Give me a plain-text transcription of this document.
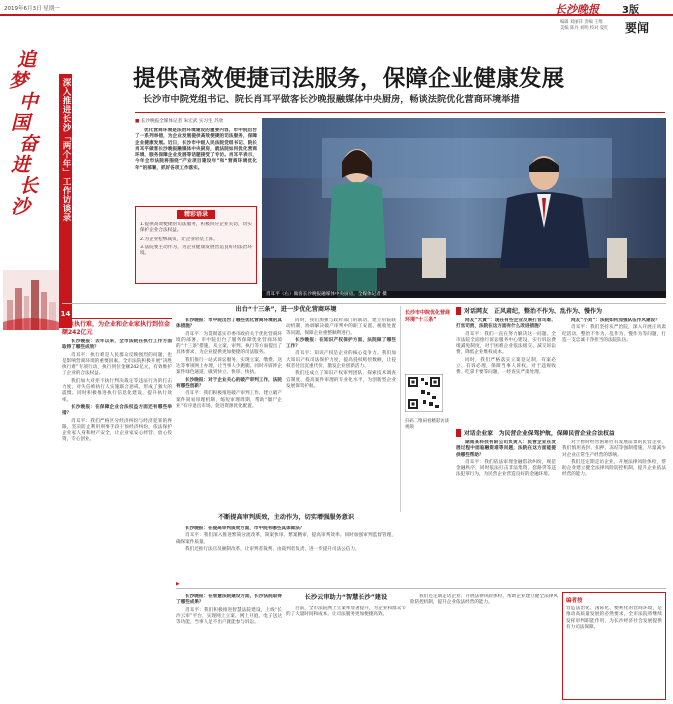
2019年6月3日 星期一	长沙晚报 3版
编辑 刘丽萍 责编 王维
美编 陈丹 刘明 校对 夏红	要闻
追
梦
中
国
奋
进
长
沙	深入推进长沙「两个年」工作访谈录
14
提供高效便捷司法服务，保障企业健康发展
长沙市中院党组书记、院长肖耳平做客长沙晚报融媒体中央厨房，畅谈法院优化营商环境举措
■ 长沙晚报全媒体记者 朱宏武 实习生 苏欣

优化营商环境是法治环境建设的重要内容，市中院出台了一系列举措，为企业发展提供高效便捷的司法服务，保障企业健康发展。近日，长沙市中级人民法院党组书记、院长肖耳平做客长沙晚报融媒体中央厨房，就法院如何优化营商环境、服务保障企业发展等话题接受了专访。肖耳平表示，今年全市法院将围绕“产业项目建设年”和“营商环境优化年”的部署，抓好各项工作落实。

精彩语录
1.提供高效便捷的司法服务，积极回应企业关切，切实保护企业合法权益。
2.为企业松绑减负，让企业轻装上阵。
3.法院要主动作为，为企业健康发展营造良好的法治环境。
肖耳平（右）做客长沙晚报融媒体中央厨房。全媒体记者 摄
决胜执行难，为企业和企业家执行到位金额242亿元

长沙晚报：去年以来，全市法院在执行工作方面取得了哪些成效？

肖耳平：执行难是人民群众反映强烈的问题，也是影响营商环境的重要因素。全市法院积极开展“决胜执行难”专项行动，执行到位金额242亿元，有效维护了企业的合法权益。

我们加大对拒不执行判决裁定等违法行为的打击力度，对失信被执行人实施联合惩戒，形成了强大的震慑。同时积极推进执行信息化建设，提升执行效率。

长沙晚报：在保障企业合法权益方面还有哪些举措？

肖耳平：我们严格区分经济纠纷与经济犯罪的界限，坚决防止利用刑事手段干预经济纠纷，依法保护企业家人身和财产安全，让企业家安心经营、放心投资、专心创业。

出台“十三条”，进一步优化营商环境

长沙晚报：市中院出台了哪些优化营商环境的具体措施？

肖耳平：为贯彻落实市委市政府关于优化营商环境的部署，市中院出台了服务保障优化营商环境的“十三条”措施，从立案、审判、执行等方面提出了具体要求，为企业提供更加便捷的司法服务。

我们推行一站式诉讼服务，实现立案、缴费、送达等事项网上办理，让当事人少跑腿。同时开辟涉企案件绿色通道，做到快立、快审、快执。

长沙晚报：对于企业关心的破产审判工作，法院有哪些创新？

肖耳平：我们积极推进破产审判工作，建立破产案件简易审理机制，缩短审理周期，帮助“僵尸企业”有序退出市场，促进资源优化配置。

同时，我们加强与政府部门的联动，建立府院联动机制，协调解决破产审判中的职工安置、税收处置等问题，保障企业重整顺利进行。

长沙晚报：在知识产权保护方面，法院做了哪些工作？

肖耳平：知识产权是企业的核心竞争力。我们加大知识产权司法保护力度，提高侵权赔偿数额，让侵权者付出沉重代价，激发企业创新活力。

我们还成立了知识产权审判团队，探索技术调查官制度，提高案件审理的专业化水平，为创新型企业发展保驾护航。

长沙市中院优化营商环境“十三条”
扫码二维码看精彩访谈视频
对话网友　正风肃纪，整治不作为、乱作为、慢作为

网友“大黄”：现在有些企业反映打官司难、打官司贵，法院在这方面有什么改进措施？

肖耳平：我们一直在努力解决这一问题。全市法院全面推行诉讼服务中心建设，实行诉讼费缓减免制度，对于困难企业依法缓交、减交诉讼费，降低企业维权成本。

同时，我们严格落实立案登记制，有案必立、有诉必理，保障当事人诉权。对于违规收费、吃拿卡要等问题，一经查实严肃处理。

网友“小刘”：法院如何加强队伍作风建设？

肖耳平：我们坚持从严治院，深入开展正风肃纪活动，整治不作为、乱作为、慢作为等问题，打造一支忠诚干净担当的法院队伍。

对话企业家　为民营企业保驾护航，保障民营企业合法权益

湖南某科技有限公司负责人：民营企业在发展过程中面临融资难等问题，法院在这方面能提供哪些帮助？

肖耳平：我们依法审理金融借款纠纷，规范金融秩序，同时依法打击非法集资、套路贷等违法犯罪行为，为民营企业营造良好的金融环境。

对于暂时经营困难但有发展前景的民营企业，我们慎用查封、扣押、冻结等强制措施，尽量减少对企业正常生产经营的影响。

我们还定期走访企业，开展法律风险体检，帮助企业建立健全法律风险防控机制，提升企业依法经营的能力。

不断提高审判质效，主动作为，切实增强服务意识

长沙晚报：在提高审判质效方面，市中院有哪些具体做法？

肖耳平：我们深入推进繁简分流改革，简案快审、繁案精审，提高审判效率。同时加强审判监督管理，确保案件质量。

我们还推行法官员额制改革，让审判者裁判、由裁判者负责，进一步提升司法公信力。

▶
长沙云审助力“智慧长沙”建设

长沙晚报：在智慧法院建设方面，长沙法院取得了哪些成果？

肖耳平：我们积极推进智慧法院建设，上线“长沙云审”平台，实现网上立案、网上开庭、电子送达等功能，当事人足不出户就能参与诉讼。

目前，全市法院网上立案率显著提升，为企业和群众节约了大量时间和成本，让司法服务更加便捷高效。

编者按
营造法治化、国际化、便利化的营商环境，是推动高质量发展的必然要求。全市法院将继续发挥审判职能作用，为长沙经济社会发展提供有力司法保障。

我们还定期走访企业，开展法律风险体检，帮助企业建立健全法律风险防控机制，提升企业依法经营的能力。
